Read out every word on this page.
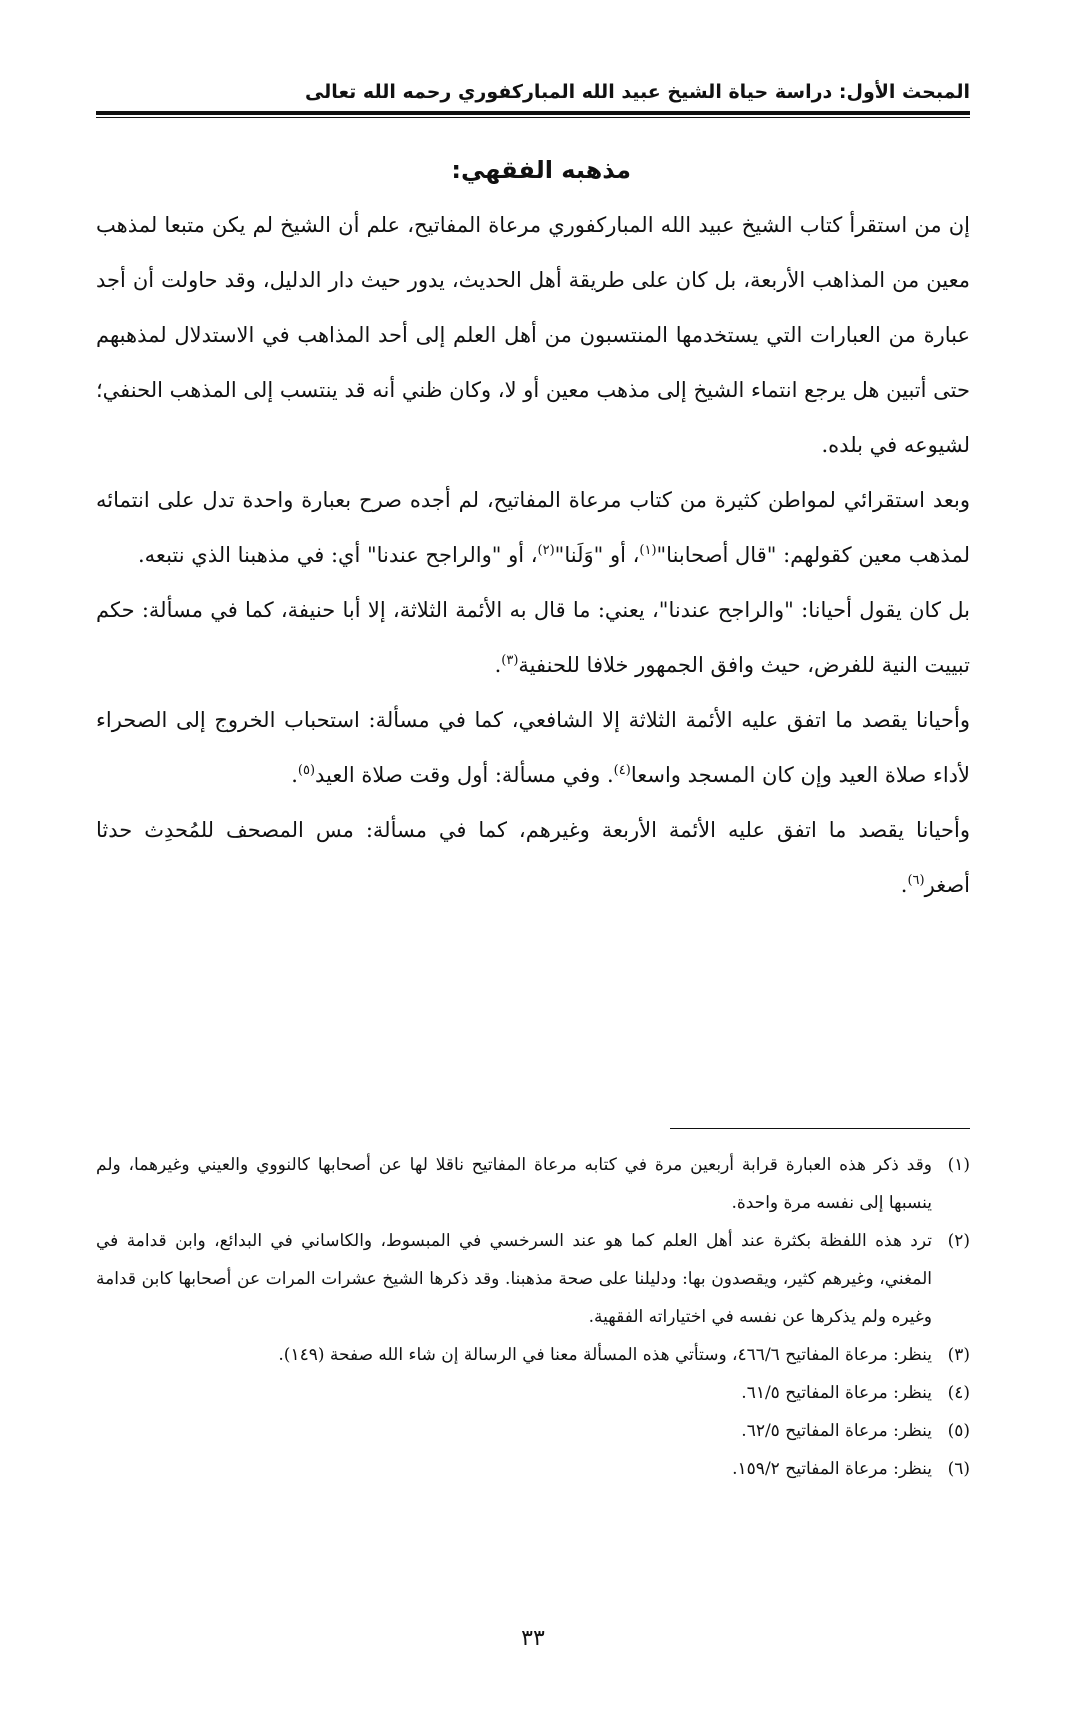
المبحث الأول: دراسة حياة الشيخ عبيد الله المباركفوري رحمه الله تعالى
مذهبه الفقهي:

إن من استقرأ كتاب الشيخ عبيد الله المباركفوري مرعاة المفاتيح، علم أن الشيخ لم يكن متبعا لمذهب معين من المذاهب الأربعة، بل كان على طريقة أهل الحديث، يدور حيث دار الدليل، وقد حاولت أن أجد عبارة من العبارات التي يستخدمها المنتسبون من أهل العلم إلى أحد المذاهب في الاستدلال لمذهبهم حتى أتبين هل يرجع انتماء الشيخ إلى مذهب معين أو لا، وكان ظني أنه قد ينتسب إلى المذهب الحنفي؛ لشيوعه في بلده.

وبعد استقرائي لمواطن كثيرة من كتاب مرعاة المفاتيح، لم أجده صرح بعبارة واحدة تدل على انتمائه لمذهب معين كقولهم: "قال أصحابنا"$^{(١)}$، أو "وَلَنا"$^{(٢)}$، أو "والراجح عندنا" أي: في مذهبنا الذي نتبعه.

بل كان يقول أحيانا: "والراجح عندنا"، يعني: ما قال به الأئمة الثلاثة، إلا أبا حنيفة، كما في مسألة: حكم تبييت النية للفرض، حيث وافق الجمهور خلافا للحنفية$^{(٣)}$.

وأحيانا يقصد ما اتفق عليه الأئمة الثلاثة إلا الشافعي، كما في مسألة: استحباب الخروج إلى الصحراء لأداء صلاة العيد وإن كان المسجد واسعا$^{(٤)}$. وفي مسألة: أول وقت صلاة العيد$^{(٥)}$.

وأحيانا يقصد ما اتفق عليه الأئمة الأربعة وغيرهم، كما في مسألة: مس المصحف للمُحدِث حدثا أصغر$^{(٦)}$.

(١)وقد ذكر هذه العبارة قرابة أربعين مرة في كتابه مرعاة المفاتيح ناقلا لها عن أصحابها كالنووي والعيني وغيرهما، ولم ينسبها إلى نفسه مرة واحدة.

(٢)ترد هذه اللفظة بكثرة عند أهل العلم كما هو عند السرخسي في المبسوط، والكاساني في البدائع، وابن قدامة في المغني، وغيرهم كثير، ويقصدون بها: ودليلنا على صحة مذهبنا. وقد ذكرها الشيخ عشرات المرات عن أصحابها كابن قدامة وغيره ولم يذكرها عن نفسه في اختياراته الفقهية.

(٣)ينظر: مرعاة المفاتيح ٤٦٦/٦، وستأتي هذه المسألة معنا في الرسالة إن شاء الله صفحة (١٤٩).

(٤)ينظر: مرعاة المفاتيح ٦١/٥.

(٥)ينظر: مرعاة المفاتيح ٦٢/٥.

(٦)ينظر: مرعاة المفاتيح ١٥٩/٢.

٣٣
